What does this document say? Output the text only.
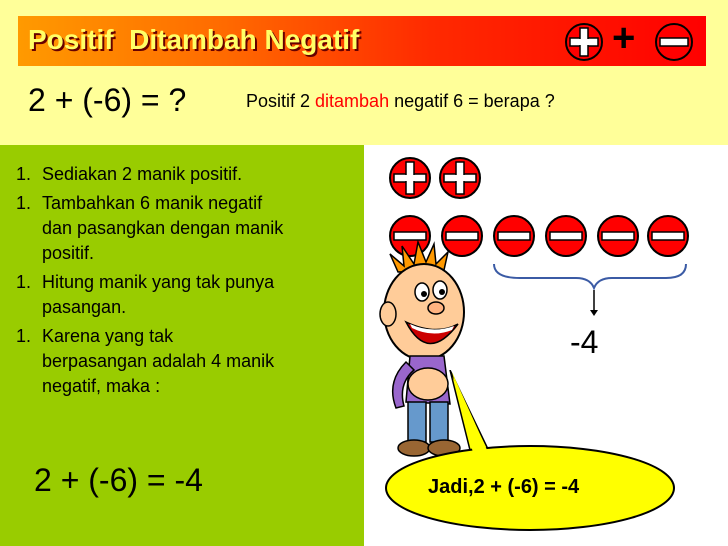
Positif  Ditambah Negatif	+
2 + (-6) = ?	Positif 2 ditambah negatif 6 = berapa ?
1. Sediakan 2 manik positif.
1. Tambahkan 6 manik negatif dan pasangkan dengan manik positif.
1. Hitung manik yang tak punya pasangan.
1. Karena yang tak berpasangan adalah 4 manik negatif, maka :
2 + (-6) = -4
-4
Jadi,2 + (-6) = -4
